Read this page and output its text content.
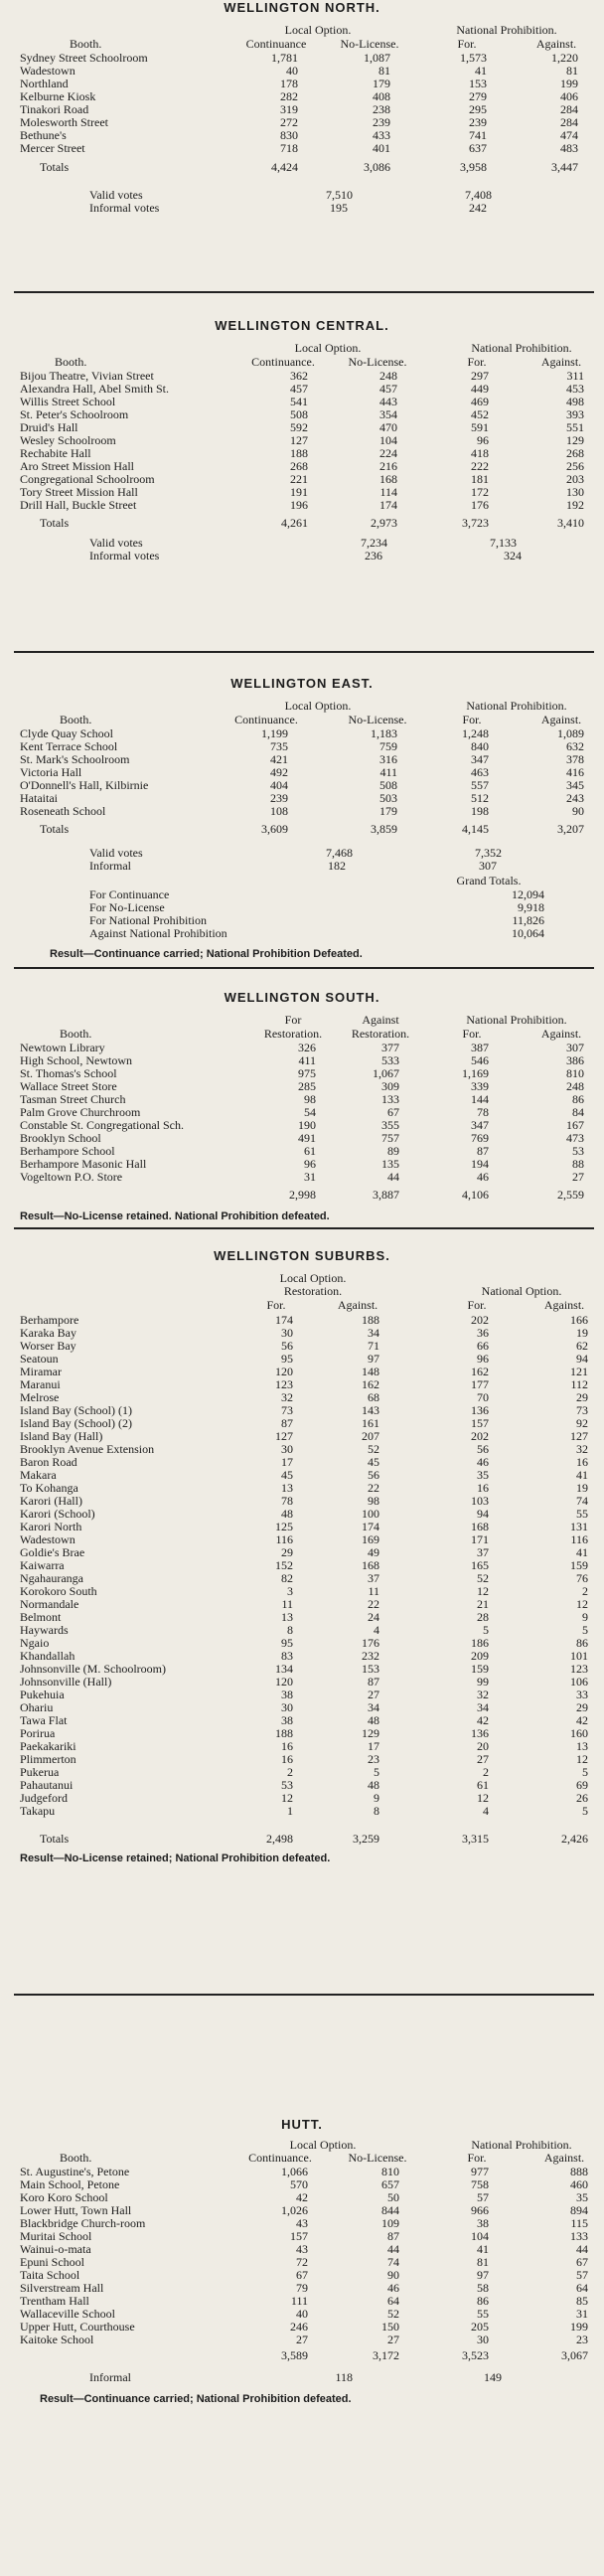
WELLINGTON NORTH.
Local Option.	National Prohibition.
Booth.	Continuance	No-License.	For.	Against.
Sydney Street Schoolroom	1,781	1,087	1,573	1,220
Wadestown	40	81	41	81
Northland	178	179	153	199
Kelburne Kiosk	282	408	279	406
Tinakori Road	319	238	295	284
Molesworth Street	272	239	239	284
Bethune's	830	433	741	474
Mercer Street	718	401	637	483
Totals	4,424	3,086	3,958	3,447
Valid votes	7,510	7,408
Informal votes	195	242
WELLINGTON CENTRAL.
Local Option.	National Prohibition.
Booth.	Continuance.	No-License.	For.	Against.
Bijou Theatre, Vivian Street	362	248	297	311
Alexandra Hall, Abel Smith St.	457	457	449	453
Willis Street School	541	443	469	498
St. Peter's Schoolroom	508	354	452	393
Druid's Hall	592	470	591	551
Wesley Schoolroom	127	104	96	129
Rechabite Hall	188	224	418	268
Aro Street Mission Hall	268	216	222	256
Congregational Schoolroom	221	168	181	203
Tory Street Mission Hall	191	114	172	130
Drill Hall, Buckle Street	196	174	176	192
Totals	4,261	2,973	3,723	3,410
Valid votes	7,234	7,133
Informal votes	236	324
WELLINGTON EAST.
Local Option.	National Prohibition.
Booth.	Continuance.	No-License.	For.	Against.
Clyde Quay School	1,199	1,183	1,248	1,089
Kent Terrace School	735	759	840	632
St. Mark's Schoolroom	421	316	347	378
Victoria Hall	492	411	463	416
O'Donnell's Hall, Kilbirnie	404	508	557	345
Hataitai	239	503	512	243
Roseneath School	108	179	198	90
Totals	3,609	3,859	4,145	3,207
Valid votes	7,468	7,352
Informal	182	307
Grand Totals.
For Continuance	12,094
For No-License	9,918
For National Prohibition	11,826
Against National Prohibition	10,064
Result—Continuance carried; National Prohibition Defeated.
WELLINGTON SOUTH.
For	Against	National Prohibition.
Booth.	Restoration.	Restoration.	For.	Against.
Newtown Library	326	377	387	307
High School, Newtown	411	533	546	386
St. Thomas's School	975	1,067	1,169	810
Wallace Street Store	285	309	339	248
Tasman Street Church	98	133	144	86
Palm Grove Churchroom	54	67	78	84
Constable St. Congregational Sch.	190	355	347	167
Brooklyn School	491	757	769	473
Berhampore School	61	89	87	53
Berhampore Masonic Hall	96	135	194	88
Vogeltown P.O. Store	31	44	46	27
2,998	3,887	4,106	2,559
Result—No-License retained. National Prohibition defeated.
WELLINGTON SUBURBS.
Local Option.
Restoration.	National Option.
For.	Against.	For.	Against.
Berhampore	174	188	202	166
Karaka Bay	30	34	36	19
Worser Bay	56	71	66	62
Seatoun	95	97	96	94
Miramar	120	148	162	121
Maranui	123	162	177	112
Melrose	32	68	70	29
Island Bay (School) (1)	73	143	136	73
Island Bay (School) (2)	87	161	157	92
Island Bay (Hall)	127	207	202	127
Brooklyn Avenue Extension	30	52	56	32
Baron Road	17	45	46	16
Makara	45	56	35	41
To Kohanga	13	22	16	19
Karori (Hall)	78	98	103	74
Karori (School)	48	100	94	55
Karori North	125	174	168	131
Wadestown	116	169	171	116
Goldie's Brae	29	49	37	41
Kaiwarra	152	168	165	159
Ngahauranga	82	37	52	76
Korokoro South	3	11	12	2
Normandale	11	22	21	12
Belmont	13	24	28	9
Haywards	8	4	5	5
Ngaio	95	176	186	86
Khandallah	83	232	209	101
Johnsonville (M. Schoolroom)	134	153	159	123
Johnsonville (Hall)	120	87	99	106
Pukehuia	38	27	32	33
Ohariu	30	34	34	29
Tawa Flat	38	48	42	42
Porirua	188	129	136	160
Paekakariki	16	17	20	13
Plimmerton	16	23	27	12
Pukerua	2	5	2	5
Pahautanui	53	48	61	69
Judgeford	12	9	12	26
Takapu	1	8	4	5
Totals	2,498	3,259	3,315	2,426
Result—No-License retained; National Prohibition defeated.
HUTT.
Local Option.	National Prohibition.
Booth.	Continuance.	No-License.	For.	Against.
St. Augustine's, Petone	1,066	810	977	888
Main School, Petone	570	657	758	460
Koro Koro School	42	50	57	35
Lower Hutt, Town Hall	1,026	844	966	894
Blackbridge Church-room	43	109	38	115
Muritai School	157	87	104	133
Wainui-o-mata	43	44	41	44
Epuni School	72	74	81	67
Taita School	67	90	97	57
Silverstream Hall	79	46	58	64
Trentham Hall	111	64	86	85
Wallaceville School	40	52	55	31
Upper Hutt, Courthouse	246	150	205	199
Kaitoke School	27	27	30	23
3,589	3,172	3,523	3,067
Informal	118	149
Result—Continuance carried; National Prohibition defeated.
